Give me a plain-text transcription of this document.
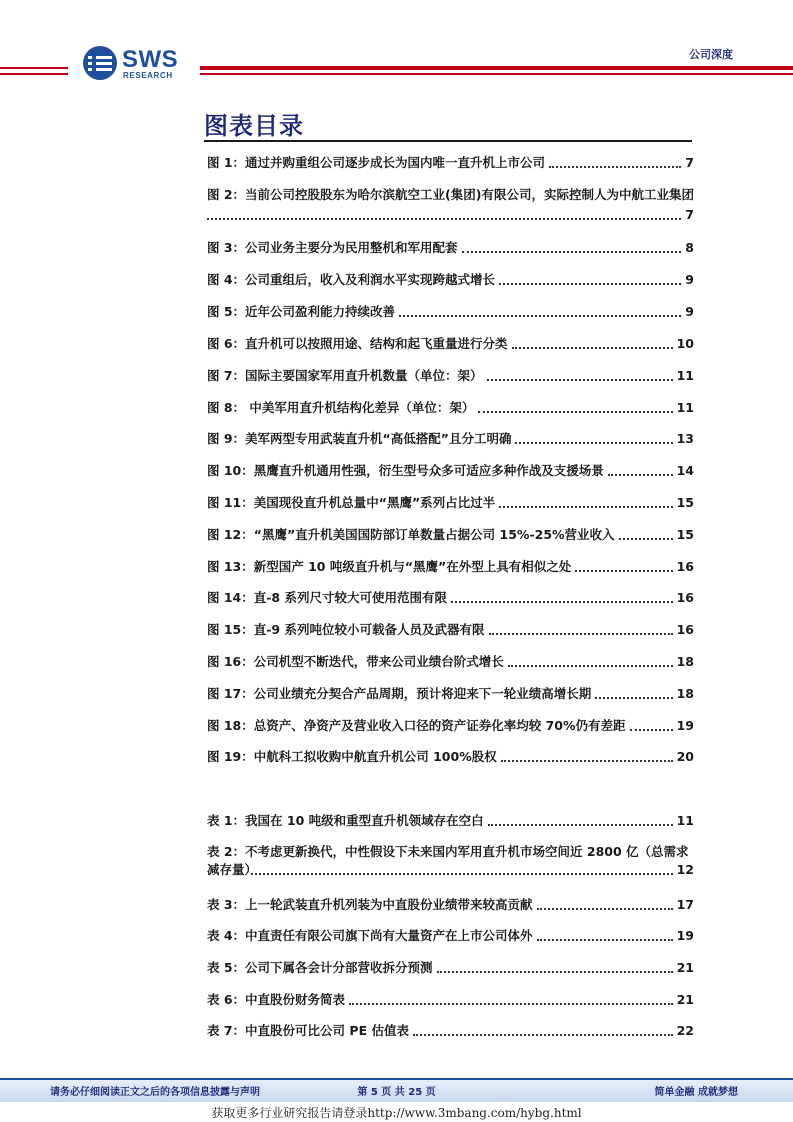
SWS
RESEARCH
公司深度
图表目录
图 1：通过并购重组公司逐步成长为国内唯一直升机上市公司	7
图 2：当前公司控股股东为哈尔滨航空工业(集团)有限公司，实际控制人为中航工业集团
7
图 3：公司业务主要分为民用整机和军用配套	8
图 4：公司重组后，收入及利润水平实现跨越式增长	9
图 5：近年公司盈利能力持续改善	9
图 6：直升机可以按照用途、结构和起飞重量进行分类	10
图 7：国际主要国家军用直升机数量（单位：架）	11
图 8： 中美军用直升机结构化差异（单位：架）	11
图 9：美军两型专用武装直升机“高低搭配”且分工明确	13
图 10：黑鹰直升机通用性强，衍生型号众多可适应多种作战及支援场景	14
图 11：美国现役直升机总量中“黑鹰”系列占比过半	15
图 12：“黑鹰”直升机美国国防部订单数量占据公司 15%-25%营业收入	15
图 13：新型国产 10 吨级直升机与“黑鹰”在外型上具有相似之处	16
图 14：直-8 系列尺寸较大可使用范围有限	16
图 15：直-9 系列吨位较小可载备人员及武器有限	16
图 16：公司机型不断迭代，带来公司业绩台阶式增长	18
图 17：公司业绩充分契合产品周期，预计将迎来下一轮业绩高增长期	18
图 18：总资产、净资产及营业收入口径的资产证券化率均较 70%仍有差距	19
图 19：中航科工拟收购中航直升机公司 100%股权	20
表 1：我国在 10 吨级和重型直升机领域存在空白	11
表 2：不考虑更新换代，中性假设下未来国内军用直升机市场空间近 2800 亿（总需求减存量）	12
表 3：上一轮武装直升机列装为中直股份业绩带来较高贡献	17
表 4：中直责任有限公司旗下尚有大量资产在上市公司体外	19
表 5：公司下属各会计分部营收拆分预测	21
表 6：中直股份财务简表	21
表 7：中直股份可比公司 PE 估值表	22
请务必仔细阅读正文之后的各项信息披露与声明	第 5 页 共 25 页	简单金融 成就梦想
获取更多行业研究报告请登录http://www.3mbang.com/hybg.html
